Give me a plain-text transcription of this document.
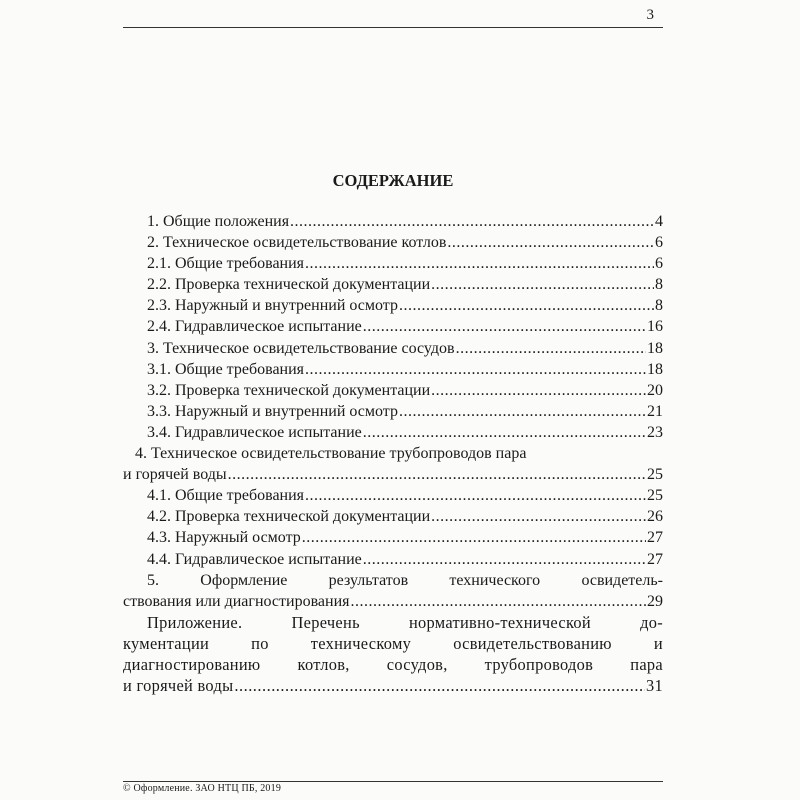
3
СОДЕРЖАНИЕ
1. Общие положения .....	4
2. Техническое освидетельствование котлов .....	6
2.1. Общие требования .....	6
2.2. Проверка технической документации .....	8
2.3. Наружный и внутренний осмотр .....	8
2.4. Гидравлическое испытание .....	16
3. Техническое освидетельствование сосудов .....	18
3.1. Общие требования .....	18
3.2. Проверка технической документации .....	20
3.3. Наружный и внутренний осмотр .....	21
3.4. Гидравлическое испытание .....	23
4. Техническое освидетельствование трубопроводов пара
и горячей воды .....	25
4.1. Общие требования .....	25
4.2. Проверка технической документации .....	26
4.3. Наружный осмотр .....	27
4.4. Гидравлическое испытание .....	27
5. Оформление результатов технического освидетель-
ствования или диагностирования .....	29
Приложение. Перечень нормативно-технической до-
кументации по техническому освидетельствованию и
диагностированию котлов, сосудов, трубопроводов пара
и горячей воды .....	31
© Оформление. ЗАО НТЦ ПБ, 2019
